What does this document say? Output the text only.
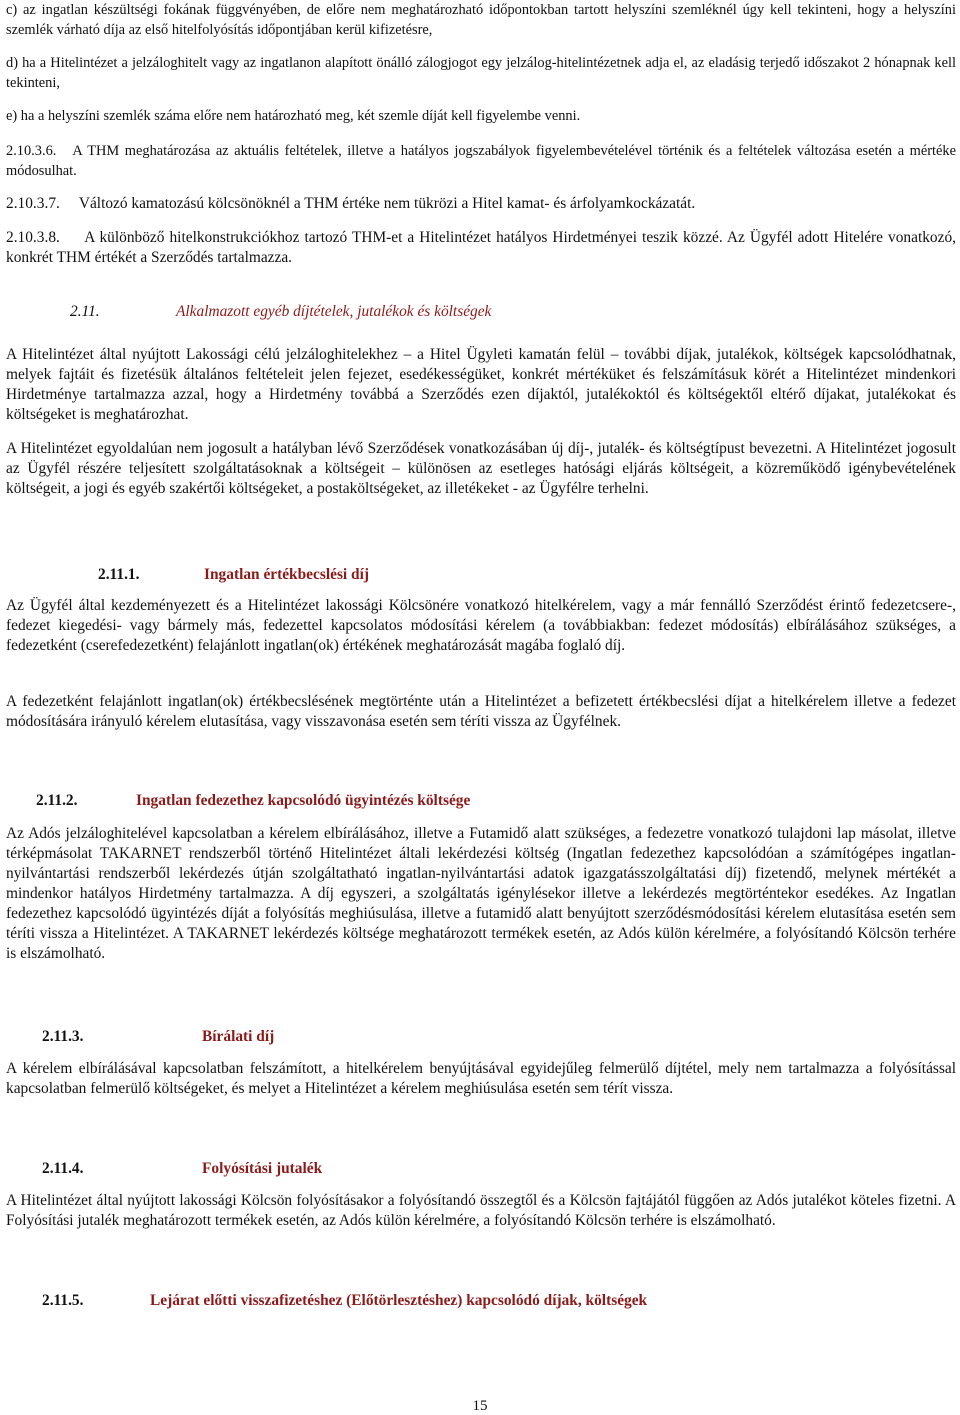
c) az ingatlan készültségi fokának függvényében, de előre nem meghatározható időpontokban tartott helyszíni szemléknél úgy kell tekinteni, hogy a helyszíni szemlék várható díja az első hitelfolyósítás időpontjában kerül kifizetésre,

d) ha a Hitelintézet a jelzáloghitelt vagy az ingatlanon alapított önálló zálogjogot egy jelzálog-hitelintézetnek adja el, az eladásig terjedő időszakot 2 hónapnak kell tekinteni,

e) ha a helyszíni szemlék száma előre nem határozható meg, két szemle díját kell figyelembe venni.

2.10.3.6. A THM meghatározása az aktuális feltételek, illetve a hatályos jogszabályok figyelembevételével történik és a feltételek változása esetén a mértéke módosulhat.

2.10.3.7. Változó kamatozású kölcsönöknél a THM értéke nem tükrözi a Hitel kamat- és árfolyamkockázatát.

2.10.3.8. A különböző hitelkonstrukciókhoz tartozó THM-et a Hitelintézet hatályos Hirdetményei teszik közzé. Az Ügyfél adott Hitelére vonatkozó, konkrét THM értékét a Szerződés tartalmazza.

2.11.	Alkalmazott egyéb díjtételek, jutalékok és költségek

A Hitelintézet által nyújtott Lakossági célú jelzáloghitelekhez – a Hitel Ügyleti kamatán felül – további díjak, jutalékok, költségek kapcsolódhatnak, melyek fajtáit és fizetésük általános feltételeit jelen fejezet, esedékességüket, konkrét mértéküket és felszámításuk körét a Hitelintézet mindenkori Hirdetménye tartalmazza azzal, hogy a Hirdetmény továbbá a Szerződés ezen díjaktól, jutalékoktól és költségektől eltérő díjakat, jutalékokat és költségeket is meghatározhat.

A Hitelintézet egyoldalúan nem jogosult a hatályban lévő Szerződések vonatkozásában új díj-, jutalék- és költségtípust bevezetni. A Hitelintézet jogosult az Ügyfél részére teljesített szolgáltatásoknak a költségeit – különösen az esetleges hatósági eljárás költségeit, a közreműködő igénybevételének költségeit, a jogi és egyéb szakértői költségeket, a postaköltségeket, az illetékeket - az Ügyfélre terhelni.

2.11.1.	Ingatlan értékbecslési díj

Az Ügyfél által kezdeményezett és a Hitelintézet lakossági Kölcsönére vonatkozó hitelkérelem, vagy a már fennálló Szerződést érintő fedezetcsere-, fedezet kiegedési- vagy bármely más, fedezettel kapcsolatos módosítási kérelem (a továbbiakban: fedezet módosítás) elbírálásához szükséges, a fedezetként (cserefedezetként) felajánlott ingatlan(ok) értékének meghatározását magába foglaló díj.

A fedezetként felajánlott ingatlan(ok) értékbecslésének megtörténte után a Hitelintézet a befizetett értékbecslési díjat a hitelkérelem illetve a fedezet módosítására irányuló kérelem elutasítása, vagy visszavonása esetén sem téríti vissza az Ügyfélnek.

2.11.2.	Ingatlan fedezethez kapcsolódó ügyintézés költsége

Az Adós jelzáloghitelével kapcsolatban a kérelem elbírálásához, illetve a Futamidő alatt szükséges, a fedezetre vonatkozó tulajdoni lap másolat, illetve térképmásolat TAKARNET rendszerből történő Hitelintézet általi lekérdezési költség (Ingatlan fedezethez kapcsolódóan a számítógépes ingatlan-nyilvántartási rendszerből lekérdezés útján szolgáltatható ingatlan-nyilvántartási adatok igazgatásszolgáltatási díj) fizetendő, melynek mértékét a mindenkor hatályos Hirdetmény tartalmazza. A díj egyszeri, a szolgáltatás igénylésekor illetve a lekérdezés megtörténtekor esedékes. Az Ingatlan fedezethez kapcsolódó ügyintézés díját a folyósítás meghiúsulása, illetve a futamidő alatt benyújtott szerződésmódosítási kérelem elutasítása esetén sem téríti vissza a Hitelintézet. A TAKARNET lekérdezés költsége meghatározott termékek esetén, az Adós külön kérelmére, a folyósítandó Kölcsön terhére is elszámolható.

2.11.3.	Bírálati díj

A kérelem elbírálásával kapcsolatban felszámított, a hitelkérelem benyújtásával egyidejűleg felmerülő díjtétel, mely nem tartalmazza a folyósítással kapcsolatban felmerülő költségeket, és melyet a Hitelintézet a kérelem meghiúsulása esetén sem térít vissza.

2.11.4.	Folyósítási jutalék

A Hitelintézet által nyújtott lakossági Kölcsön folyósításakor a folyósítandó összegtől és a Kölcsön fajtájától függően az Adós jutalékot köteles fizetni. A Folyósítási jutalék meghatározott termékek esetén, az Adós külön kérelmére, a folyósítandó Kölcsön terhére is elszámolható.

2.11.5.	Lejárat előtti visszafizetéshez (Előtörlesztéshez) kapcsolódó díjak, költségek
15
